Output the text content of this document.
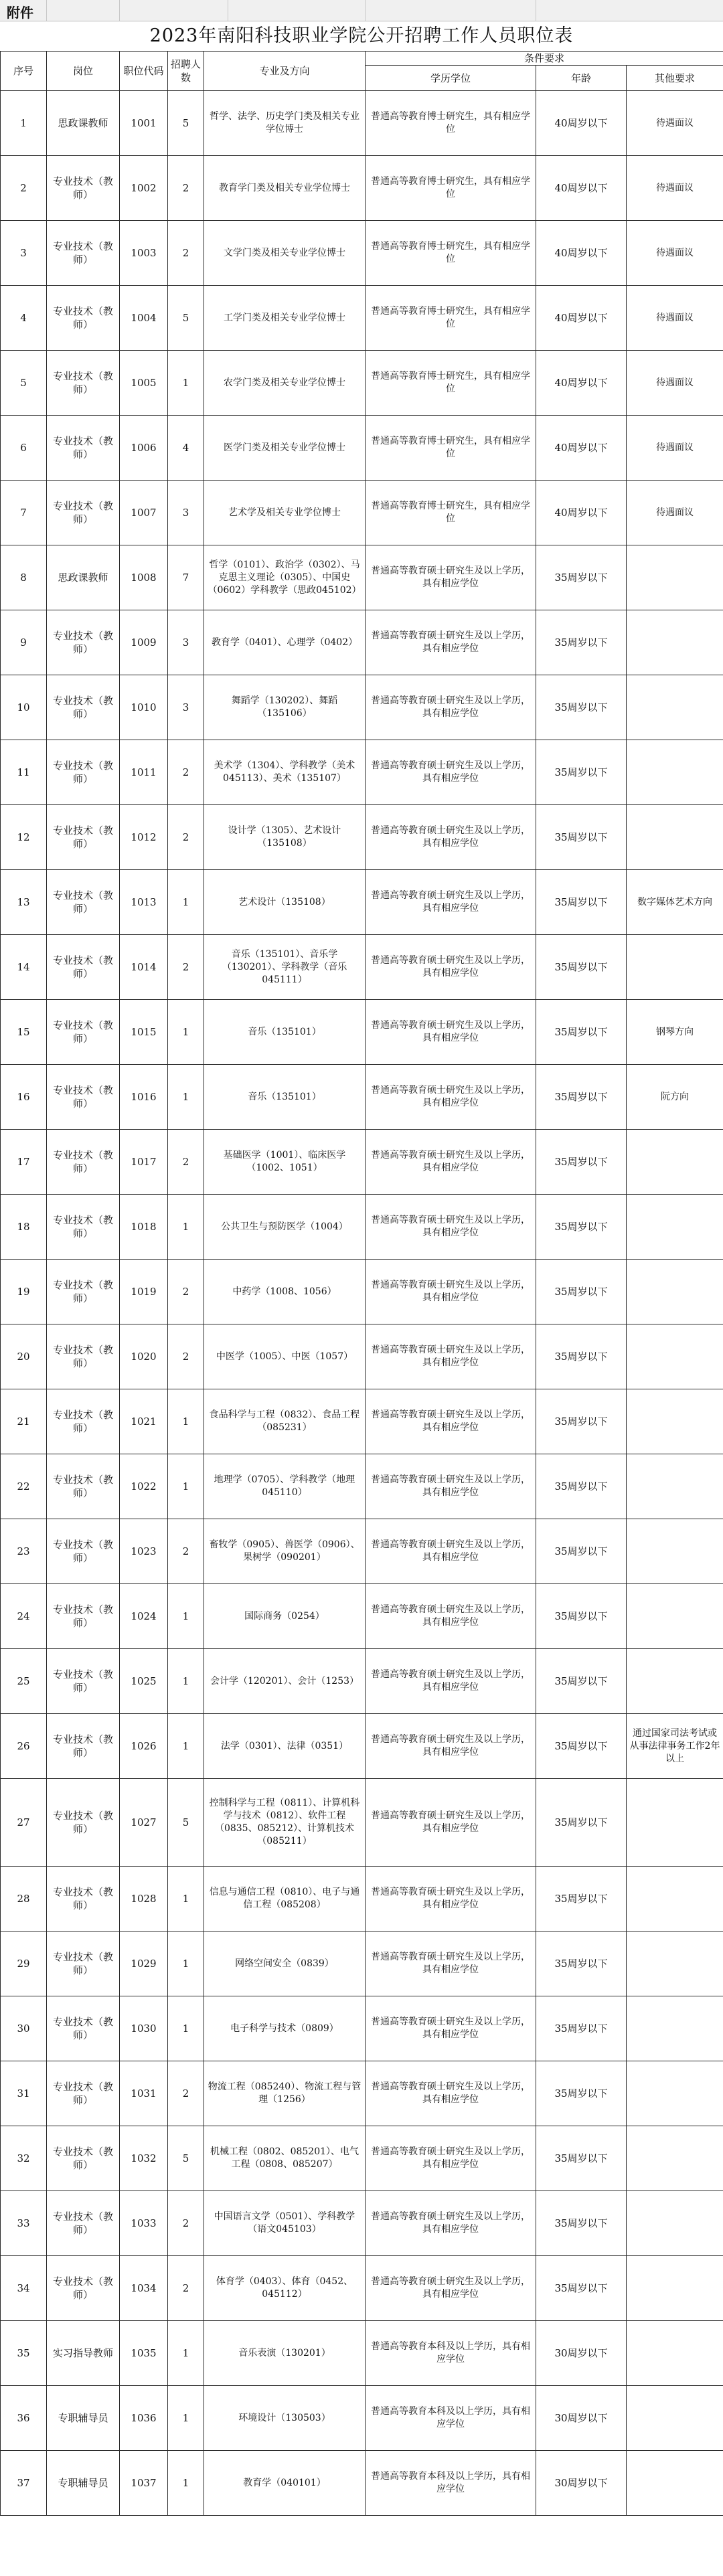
附件
2023年南阳科技职业学院公开招聘工作人员职位表
序号	岗位	职位代码	招聘人数	专业及方向	条件要求		
					学历学位	年龄	其他要求
1	思政课教师	1001	5	哲学、法学、历史学门类及相关专业学位博士	普通高等教育博士研究生，具有相应学位	40周岁以下	待遇面议
2	专业技术（教师）	1002	2	教育学门类及相关专业学位博士	普通高等教育博士研究生，具有相应学位	40周岁以下	待遇面议
3	专业技术（教师）	1003	2	文学门类及相关专业学位博士	普通高等教育博士研究生，具有相应学位	40周岁以下	待遇面议
4	专业技术（教师）	1004	5	工学门类及相关专业学位博士	普通高等教育博士研究生，具有相应学位	40周岁以下	待遇面议
5	专业技术（教师）	1005	1	农学门类及相关专业学位博士	普通高等教育博士研究生，具有相应学位	40周岁以下	待遇面议
6	专业技术（教师）	1006	4	医学门类及相关专业学位博士	普通高等教育博士研究生，具有相应学位	40周岁以下	待遇面议
7	专业技术（教师）	1007	3	艺术学及相关专业学位博士	普通高等教育博士研究生，具有相应学位	40周岁以下	待遇面议
8	思政课教师	1008	7	哲学（0101）、政治学（0302）、马克思主义理论（0305）、中国史（0602）学科教学（思政045102）	普通高等教育硕士研究生及以上学历，具有相应学位	35周岁以下	
9	专业技术（教师）	1009	3	教育学（0401）、心理学（0402）	普通高等教育硕士研究生及以上学历，具有相应学位	35周岁以下	
10	专业技术（教师）	1010	3	舞蹈学（130202）、舞蹈（135106）	普通高等教育硕士研究生及以上学历，具有相应学位	35周岁以下	
11	专业技术（教师）	1011	2	美术学（1304）、学科教学（美术045113）、美术（135107）	普通高等教育硕士研究生及以上学历，具有相应学位	35周岁以下	
12	专业技术（教师）	1012	2	设计学（1305）、艺术设计（135108）	普通高等教育硕士研究生及以上学历，具有相应学位	35周岁以下	
13	专业技术（教师）	1013	1	艺术设计（135108）	普通高等教育硕士研究生及以上学历，具有相应学位	35周岁以下	数字媒体艺术方向
14	专业技术（教师）	1014	2	音乐（135101）、音乐学（130201）、学科教学（音乐045111）	普通高等教育硕士研究生及以上学历，具有相应学位	35周岁以下	
15	专业技术（教师）	1015	1	音乐（135101）	普通高等教育硕士研究生及以上学历，具有相应学位	35周岁以下	钢琴方向
16	专业技术（教师）	1016	1	音乐（135101）	普通高等教育硕士研究生及以上学历，具有相应学位	35周岁以下	阮方向
17	专业技术（教师）	1017	2	基础医学（1001）、临床医学（1002、1051）	普通高等教育硕士研究生及以上学历，具有相应学位	35周岁以下	
18	专业技术（教师）	1018	1	公共卫生与预防医学（1004）	普通高等教育硕士研究生及以上学历，具有相应学位	35周岁以下	
19	专业技术（教师）	1019	2	中药学（1008、1056）	普通高等教育硕士研究生及以上学历，具有相应学位	35周岁以下	
20	专业技术（教师）	1020	2	中医学（1005）、中医（1057）	普通高等教育硕士研究生及以上学历，具有相应学位	35周岁以下	
21	专业技术（教师）	1021	1	食品科学与工程（0832）、食品工程（085231）	普通高等教育硕士研究生及以上学历，具有相应学位	35周岁以下	
22	专业技术（教师）	1022	1	地理学（0705）、学科教学（地理045110）	普通高等教育硕士研究生及以上学历，具有相应学位	35周岁以下	
23	专业技术（教师）	1023	2	畜牧学（0905）、兽医学（0906）、果树学（090201）	普通高等教育硕士研究生及以上学历，具有相应学位	35周岁以下	
24	专业技术（教师）	1024	1	国际商务（0254）	普通高等教育硕士研究生及以上学历，具有相应学位	35周岁以下	
25	专业技术（教师）	1025	1	会计学（120201）、会计（1253）	普通高等教育硕士研究生及以上学历，具有相应学位	35周岁以下	
26	专业技术（教师）	1026	1	法学（0301）、法律（0351）	普通高等教育硕士研究生及以上学历，具有相应学位	35周岁以下	通过国家司法考试或从事法律事务工作2年以上
27	专业技术（教师）	1027	5	控制科学与工程（0811）、计算机科学与技术（0812）、软件工程（0835、085212）、计算机技术（085211）	普通高等教育硕士研究生及以上学历，具有相应学位	35周岁以下	
28	专业技术（教师）	1028	1	信息与通信工程（0810）、电子与通信工程（085208）	普通高等教育硕士研究生及以上学历，具有相应学位	35周岁以下	
29	专业技术（教师）	1029	1	网络空间安全（0839）	普通高等教育硕士研究生及以上学历，具有相应学位	35周岁以下	
30	专业技术（教师）	1030	1	电子科学与技术（0809）	普通高等教育硕士研究生及以上学历，具有相应学位	35周岁以下	
31	专业技术（教师）	1031	2	物流工程（085240）、物流工程与管理（1256）	普通高等教育硕士研究生及以上学历，具有相应学位	35周岁以下	
32	专业技术（教师）	1032	5	机械工程（0802、085201）、电气工程（0808、085207）	普通高等教育硕士研究生及以上学历，具有相应学位	35周岁以下	
33	专业技术（教师）	1033	2	中国语言文学（0501）、学科教学（语文045103）	普通高等教育硕士研究生及以上学历，具有相应学位	35周岁以下	
34	专业技术（教师）	1034	2	体育学（0403）、体育（0452、045112）	普通高等教育硕士研究生及以上学历，具有相应学位	35周岁以下	
35	实习指导教师	1035	1	音乐表演（130201）	普通高等教育本科及以上学历，具有相应学位	30周岁以下	
36	专职辅导员	1036	1	环境设计（130503）	普通高等教育本科及以上学历，具有相应学位	30周岁以下	
37	专职辅导员	1037	1	教育学（040101）	普通高等教育本科及以上学历，具有相应学位	30周岁以下	
